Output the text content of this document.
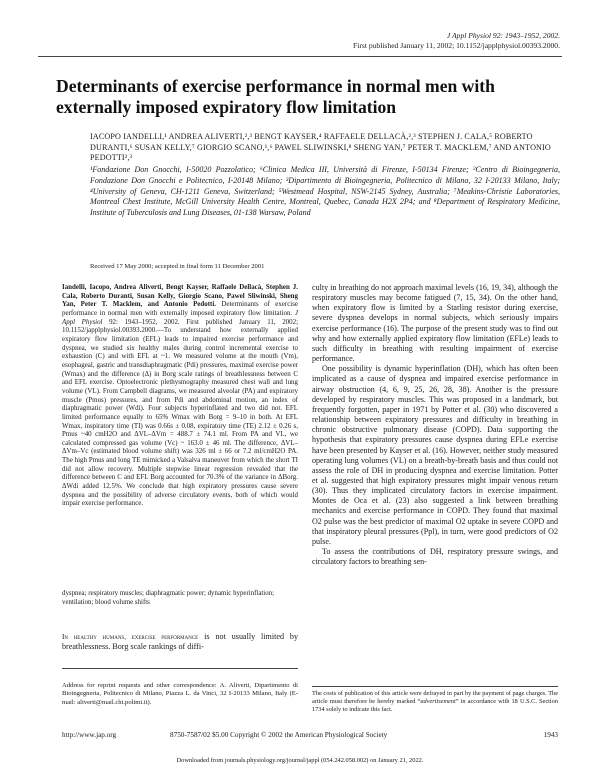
J Appl Physiol 92: 1943–1952, 2002.
First published January 11, 2002; 10.1152/japplphysiol.00393.2000.
Determinants of exercise performance in normal men with externally imposed expiratory flow limitation
IACOPO IANDELLI,¹ ANDREA ALIVERTI,²,³ BENGT KAYSER,⁴ RAFFAELE DELLACÀ,²,³ STEPHEN J. CALA,⁵ ROBERTO DURANTI,⁶ SUSAN KELLY,⁷ GIORGIO SCANO,¹,⁶ PAWEL SLIWINSKI,⁸ SHENG YAN,⁷ PETER T. MACKLEM,⁷ AND ANTONIO PEDOTTI²,³
¹Fondazione Don Gnocchi, I-50020 Pozzolatico; ⁶Clinica Medica III, Università di Firenze, I-50134 Firenze; ²Centro di Bioingegneria, Fondazione Don Gnocchi e Politecnico, I-20148 Milano; ³Dipartimento di Bioingegneria, Politecnico di Milano, 32 I-20133 Milano, Italy; ⁴University of Geneva, CH-1211 Geneva, Switzerland; ⁵Westmead Hospital, NSW-2145 Sydney, Australia; ⁷Meakins-Christie Laboratories, Montreal Chest Institute, McGill University Health Centre, Montreal, Quebec, Canada H2X 2P4; and ⁸Department of Respiratory Medicine, Institute of Tuberculosis and Lung Diseases, 01-138 Warsaw, Poland
Received 17 May 2000; accepted in final form 11 December 2001
Iandelli, Iacopo, Andrea Aliverti, Bengt Kayser, Raffaele Dellacà, Stephen J. Cala, Roberto Duranti, Susan Kelly, Giorgio Scano, Pawel Sliwinski, Sheng Yan, Peter T. Macklem, and Antonio Pedotti. Determinants of exercise performance in normal men with externally imposed expiratory flow limitation. J Appl Physiol 92: 1943–1952, 2002. First published January 11, 2002; 10.1152/japplphysiol.00393.2000.—To understand how externally applied expiratory flow limitation (EFL) leads to impaired exercise performance and dyspnea, we studied six healthy males during control incremental exercise to exhaustion (C) and with EFL at ~1. We measured volume at the mouth (Vm), esophageal, gastric and transdiaphragmatic (Pdi) pressures, maximal exercise power (Wmax) and the difference (Δ) in Borg scale ratings of breathlessness between C and EFL exercise. Optoelectronic plethysmography measured chest wall and lung volume (VL). From Campbell diagrams, we measured alveolar (PA) and expiratory muscle (Pmus) pressures, and from Pdi and abdominal motion, an index of diaphragmatic power (Wdi). Four subjects hyperinflated and two did not. EFL limited performance equally to 65% Wmax with Borg = 9–10 in both. At EFL Wmax, inspiratory time (TI) was 0.66s ± 0.08, expiratory time (TE) 2.12 ± 0.26 s, Pmus ~40 cmH2O and ΔVL–ΔVm = 488.7 ± 74.1 ml. From PA and VL, we calculated compressed gas volume (Vc) ~ 163.0 ± 46 ml. The difference, ΔVL–ΔVm–Vc (estimated blood volume shift) was 326 ml ± 66 or 7.2 ml/cmH2O PA. The high Pmus and long TE mimicked a Valsalva maneuver from which the short TI did not allow recovery. Multiple stepwise linear regression revealed that the difference between C and EFL Borg accounted for 70.3% of the variance in ΔBorg. ΔWdi added 12.5%. We conclude that high expiratory pressures cause severe dyspnea and the possibility of adverse circulatory events, both of which would impair exercise performance.
dyspnea; respiratory muscles; diaphragmatic power; dynamic hyperinflation; ventilation; blood volume shifts
In healthy humans, exercise performance is not usually limited by breathlessness. Borg scale rankings of diffi-
Address for reprint requests and other correspondence: A. Aliverti, Dipartimento di Bioingegneria, Politecnico di Milano, Piazza L. da Vinci, 32 I-20133 Milano, Italy (E-mail: aliverti@mail.chi.polimi.it).

culty in breathing do not approach maximal levels (16, 19, 34), although the respiratory muscles may become fatigued (7, 15, 34). On the other hand, when expiratory flow is limited by a Starling resistor during exercise, severe dyspnea develops in normal subjects, which seriously impairs exercise performance (16). The purpose of the present study was to find out why and how externally applied expiratory flow limitation (EFLe) leads to such difficulty in breathing with resulting impairment of exercise performance.

One possibility is dynamic hyperinflation (DH), which has often been implicated as a cause of dyspnea and impaired exercise performance in airway obstruction (4, 6, 9, 25, 26, 28, 38). Another is the pressure developed by respiratory muscles. This was proposed in a landmark, but frequently forgotten, paper in 1971 by Potter et al. (30) who discovered a relationship between expiratory pressures and difficulty in breathing in chronic obstructive pulmonary disease (COPD). Data supporting the hypothesis that expiratory pressures cause dyspnea during EFLe exercise have been presented by Kayser et al. (16). However, neither study measured operating lung volumes (VL) on a breath-by-breath basis and thus could not assess the role of DH in producing dyspnea and exercise limitation. Potter et al. suggested that high expiratory pressures might impair venous return (30). Thus they implicated circulatory factors in exercise impairment. Montes de Oca et al. (23) also suggested a link between breathing mechanics and exercise performance in COPD. They found that maximal O2 pulse was the best predictor of maximal O2 uptake in severe COPD and that inspiratory pleural pressures (Ppl), in turn, were good predictors of O2 pulse.

To assess the contributions of DH, respiratory pressure swings, and circulatory factors to breathing sen-

The costs of publication of this article were defrayed in part by the payment of page charges. The article must therefore be hereby marked “advertisement” in accordance with 18 U.S.C. Section 1734 solely to indicate this fact.
http://www.jap.org	8750-7587/02 $5.00 Copyright © 2002 the American Physiological Society	1943
Downloaded from journals.physiology.org/journal/jappl (054.242.058.002) on January 21, 2022.
